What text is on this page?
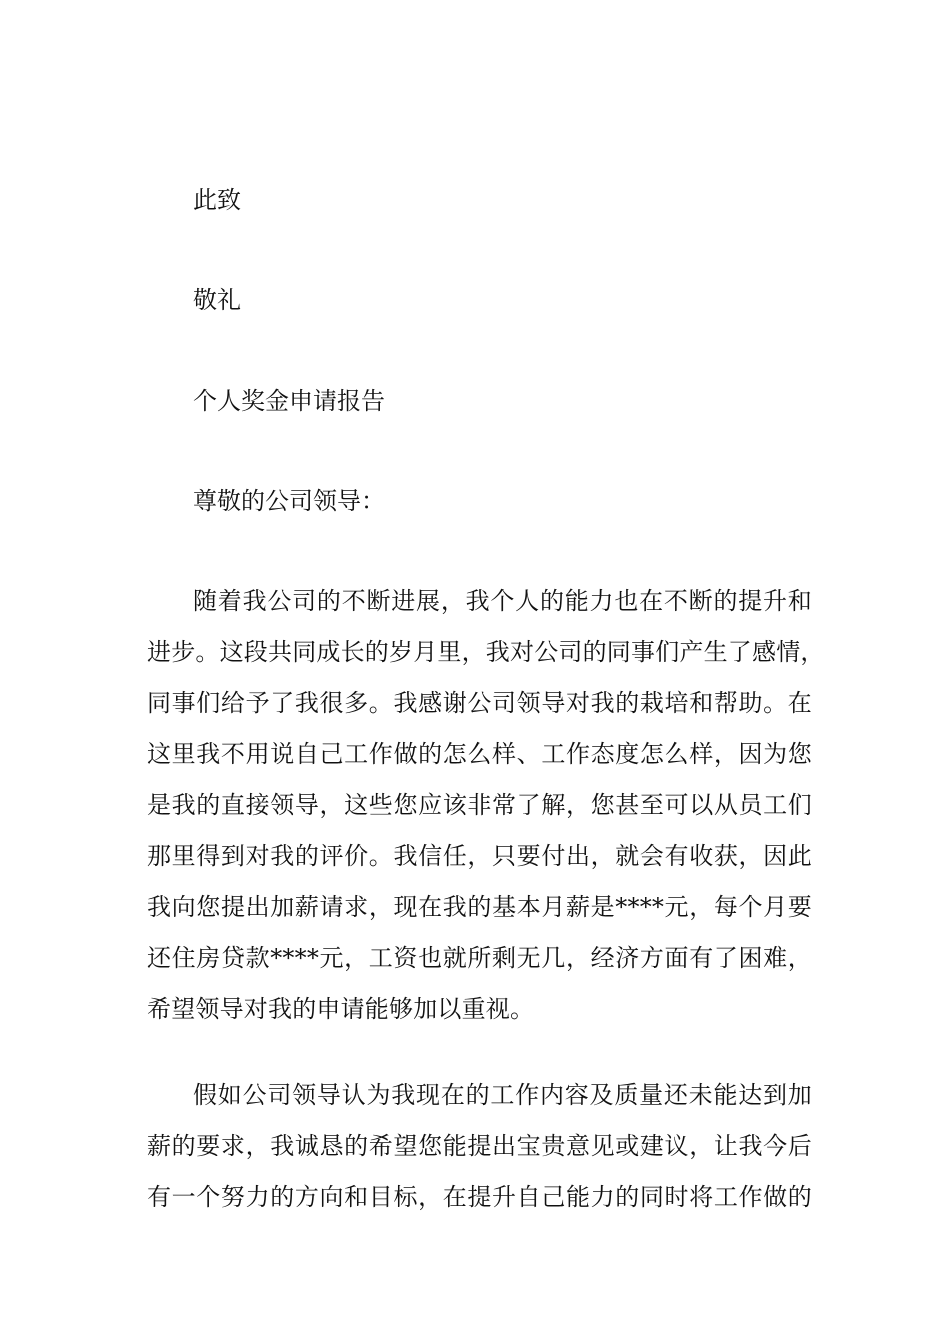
此致
敬礼
个人奖金申请报告
尊敬的公司领导：
随着我公司的不断进展，我个人的能力也在不断的提升和
进步。这段共同成长的岁月里，我对公司的同事们产生了感情，
同事们给予了我很多。我感谢公司领导对我的栽培和帮助。在
这里我不用说自己工作做的怎么样、工作态度怎么样，因为您
是我的直接领导，这些您应该非常了解，您甚至可以从员工们
那里得到对我的评价。我信任，只要付出，就会有收获，因此
我向您提出加薪请求，现在我的基本月薪是****元，每个月要
还住房贷款****元，工资也就所剩无几，经济方面有了困难，
希望领导对我的申请能够加以重视。
假如公司领导认为我现在的工作内容及质量还未能达到加
薪的要求，我诚恳的希望您能提出宝贵意见或建议，让我今后
有一个努力的方向和目标，在提升自己能力的同时将工作做的
